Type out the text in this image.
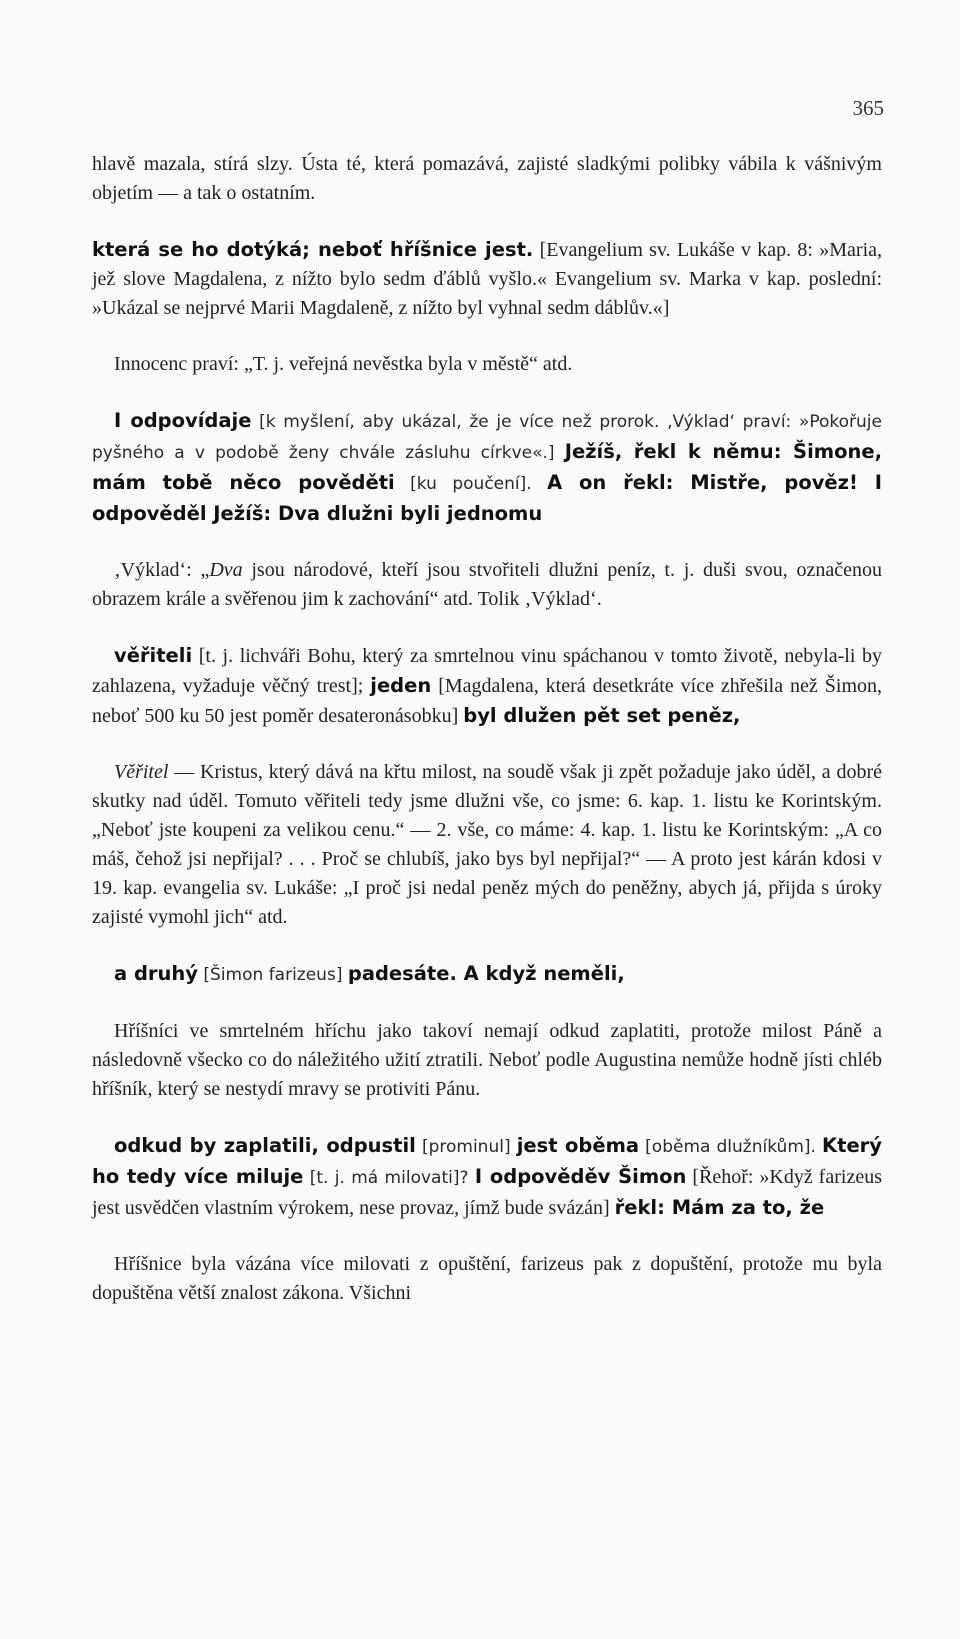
365

hlavě mazala, stírá slzy. Ústa té, která pomazává, zajisté sladkými polibky vábila k vášnivým objetím — a tak o ostatním.

která se ho dotýká; neboť hříšnice jest. [Evangelium sv. Lukáše v kap. 8: »Maria, jež slove Magdalena, z nížto bylo sedm ďáblů vyšlo.« Evangelium sv. Marka v kap. poslední: »Ukázal se nejprvé Marii Magdaleně, z nížto byl vyhnal sedm dáblův.«]

Innocenc praví: „T. j. veřejná nevěstka byla v městě“ atd.

I odpovídaje [k myšlení, aby ukázal, že je více než prorok. ‚Výklad‘ praví: »Pokořuje pyšného a v podobě ženy chvále zásluhu církve«.] Ježíš, řekl k němu: Šimone, mám tobě něco pověděti [ku poučení]. A on řekl: Mistře, pověz! I odpověděl Ježíš: Dva dlužni byli jednomu

‚Výklad‘: „Dva jsou národové, kteří jsou stvořiteli dlužni peníz, t. j. duši svou, označenou obrazem krále a svěřenou jim k zachování“ atd. Tolik ‚Výklad‘.

věřiteli [t. j. lichváři Bohu, který za smrtelnou vinu spáchanou v tomto životě, nebyla-li by zahlazena, vyžaduje věčný trest]; jeden [Magdalena, která desetkráte více zhřešila než Šimon, neboť 500 ku 50 jest poměr desateronásobku] byl dlužen pět set peněz,

Věřitel — Kristus, který dává na křtu milost, na soudě však ji zpět požaduje jako úděl, a dobré skutky nad úděl. Tomuto věřiteli tedy jsme dlužni vše, co jsme: 6. kap. 1. listu ke Korintským. „Neboť jste koupeni za velikou cenu.“ — 2. vše, co máme: 4. kap. 1. listu ke Korintským: „A co máš, čehož jsi nepřijal? . . . Proč se chlubíš, jako bys byl nepřijal?“ — A proto jest kárán kdosi v 19. kap. evangelia sv. Lukáše: „I proč jsi nedal peněz mých do peněžny, abych já, přijda s úroky zajisté vymohl jich“ atd.

a druhý [Šimon farizeus] padesáte. A když neměli,

Hříšníci ve smrtelném hříchu jako takoví nemají odkud zaplatiti, protože milost Páně a následovně všecko co do náležitého užití ztratili. Neboť podle Augustina nemůže hodně jísti chléb hříšník, který se nestydí mravy se protiviti Pánu.

odkud by zaplatili, odpustil [prominul] jest oběma [oběma dlužníkům]. Který ho tedy více miluje [t. j. má milovati]? I odpověděv Šimon [Řehoř: »Když farizeus jest usvědčen vlastním výrokem, nese provaz, jímž bude svázán] řekl: Mám za to, že

Hříšnice byla vázána více milovati z opuštění, farizeus pak z dopuštění, protože mu byla dopuštěna větší znalost zákona. Všichni
